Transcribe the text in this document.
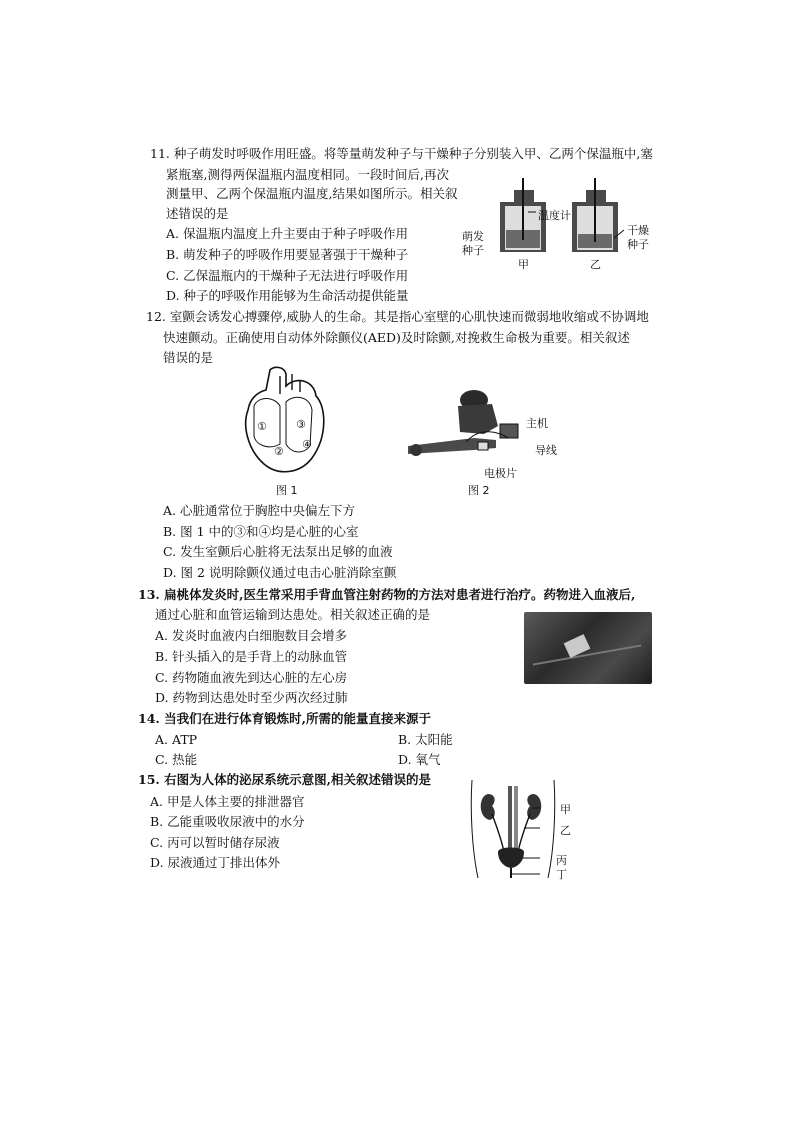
11. 种子萌发时呼吸作用旺盛。将等量萌发种子与干燥种子分别装入甲、乙两个保温瓶中,塞
紧瓶塞,测得两保温瓶内温度相同。一段时间后,再次
测量甲、乙两个保温瓶内温度,结果如图所示。相关叙
述错误的是
A. 保温瓶内温度上升主要由于种子呼吸作用
B. 萌发种子的呼吸作用要显著强于干燥种子
C. 乙保温瓶内的干燥种子无法进行呼吸作用
D. 种子的呼吸作用能够为生命活动提供能量
温度计
萌发
种子
干燥
种子
甲	乙
12. 室颤会诱发心搏骤停,威胁人的生命。其是指心室壁的心肌快速而微弱地收缩或不协调地
快速颤动。正确使用自动体外除颤仪(AED)及时除颤,对挽救生命极为重要。相关叙述
错误的是
①
②
③
④
图 1
主机
导线
电极片
图 2
A. 心脏通常位于胸腔中央偏左下方
B. 图 1 中的③和④均是心脏的心室
C. 发生室颤后心脏将无法泵出足够的血液
D. 图 2 说明除颤仪通过电击心脏消除室颤
13. 扁桃体发炎时,医生常采用手背血管注射药物的方法对患者进行治疗。药物进入血液后,
通过心脏和血管运输到达患处。相关叙述正确的是
A. 发炎时血液内白细胞数目会增多
B. 针头插入的是手背上的动脉血管
C. 药物随血液先到达心脏的左心房
D. 药物到达患处时至少两次经过肺
14. 当我们在进行体育锻炼时,所需的能量直接来源于
A. ATP	B. 太阳能
C. 热能	D. 氧气
15. 右图为人体的泌尿系统示意图,相关叙述错误的是
A. 甲是人体主要的排泄器官
B. 乙能重吸收尿液中的水分
C. 丙可以暂时储存尿液
D. 尿液通过丁排出体外
甲
乙
丙
丁
